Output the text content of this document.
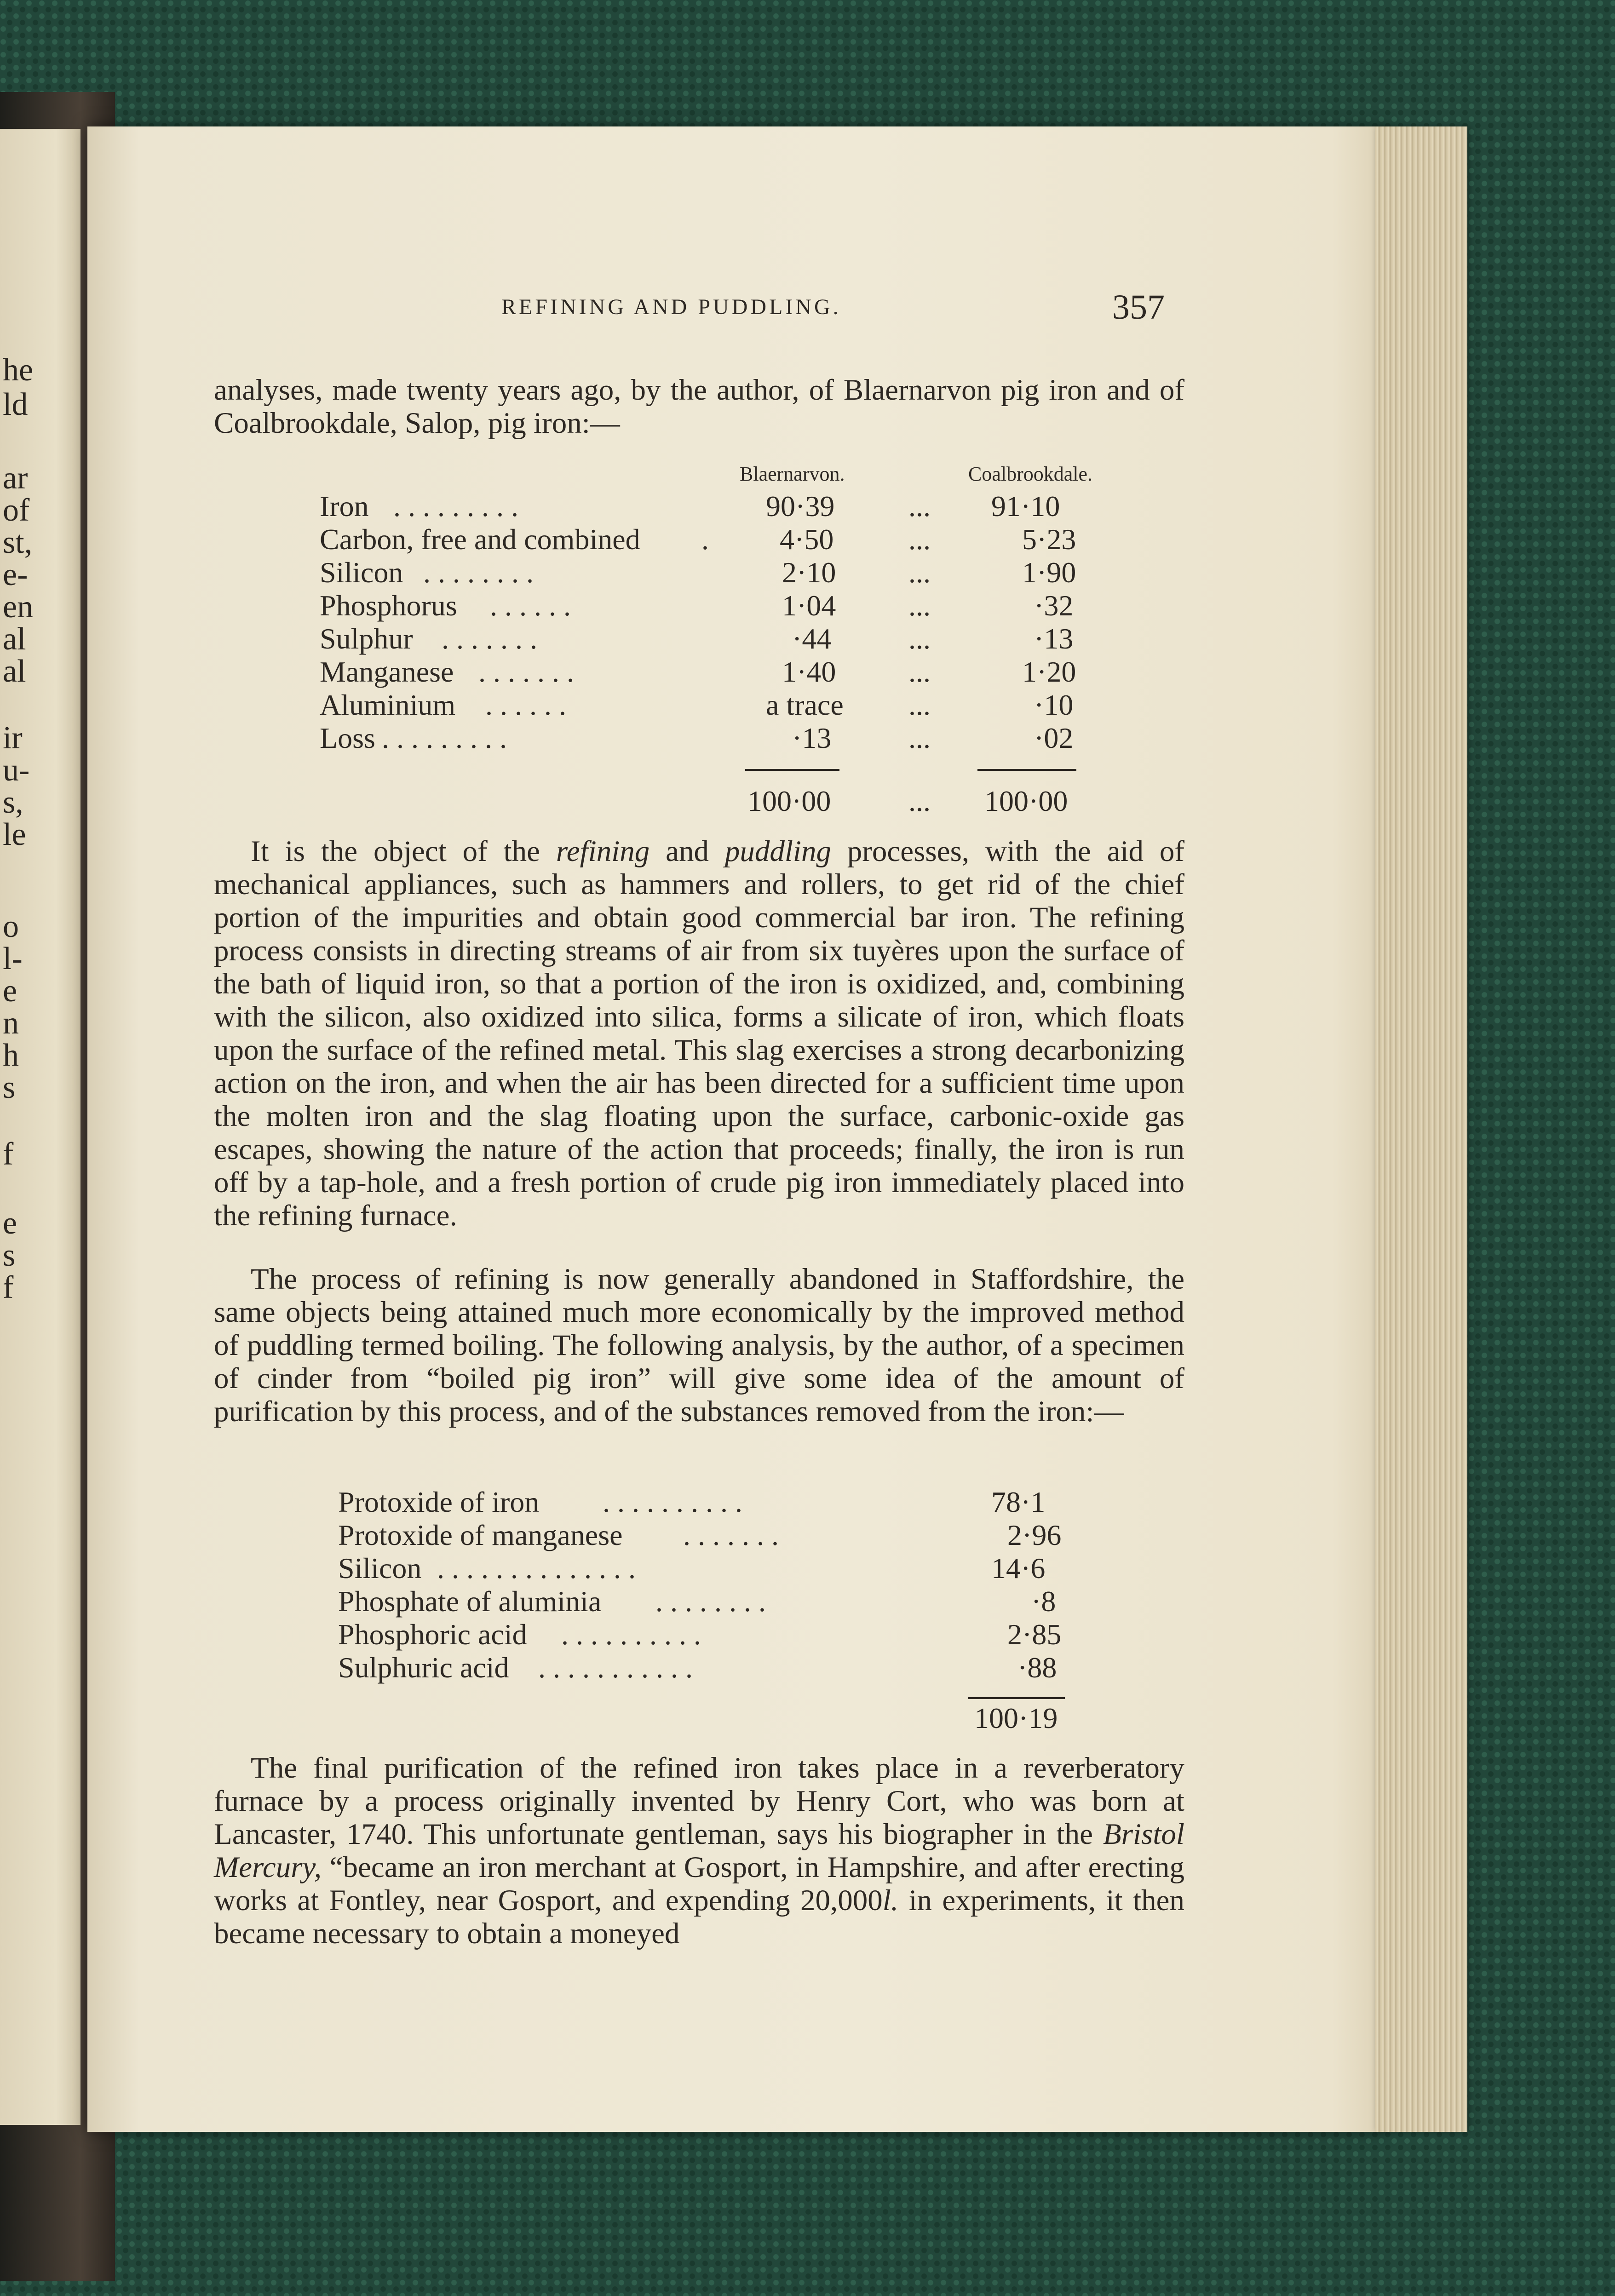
he
ld
ar
of
st,
e-
en
al
al
ir
u-
s,
le
o
l-
e
n
h
s
f
e
s
f
REFINING AND PUDDLING.	357
analyses, made twenty years ago, by the author, of Blaernarvon pig iron and of Coalbrookdale, Salop, pig iron:—
Blaernarvon.	Coalbrookdale.
Iron . . . . . . . . .	90·39	... 91·10
Carbon, free and combined . 4·50	...	5·23
Silicon . . . . . . . .	2·10 ...	1·90
Phosphorus . . . . . .	1·04 ...	·32
Sulphur . . . . . . .	·44	...	·13
Manganese . . . . . . .	1·40 ...	1·20
Aluminium . . . . . .	a trace ...	·10
Loss . . . . . . . . .	·13	...	·02
100·00	... 100·00
It is the object of the refining and puddling processes, with the aid of mechanical appliances, such as hammers and rollers, to get rid of the chief portion of the impurities and obtain good commercial bar iron. The refining process consists in directing streams of air from six tuyères upon the surface of the bath of liquid iron, so that a portion of the iron is oxidized, and, combining with the silicon, also oxidized into silica, forms a silicate of iron, which floats upon the surface of the refined metal. This slag exercises a strong decarbonizing action on the iron, and when the air has been directed for a sufficient time upon the molten iron and the slag floating upon the surface, carbonic-oxide gas escapes, showing the nature of the action that proceeds; finally, the iron is run off by a tap-hole, and a fresh portion of crude pig iron immediately placed into the refining furnace.
The process of refining is now generally abandoned in Staffordshire, the same objects being attained much more economically by the improved method of puddling termed boiling. The following analysis, by the author, of a specimen of cinder from “boiled pig iron” will give some idea of the amount of purification by this process, and of the substances removed from the iron:—
Protoxide of iron . . . . . . . . . .	78·1
Protoxide of manganese . . . . . . .	2·96
Silicon . . . . . . . . . . . . . .	14·6
Phosphate of aluminia . . . . . . . .	·8
Phosphoric acid . . . . . . . . . .	2·85
Sulphuric acid . . . . . . . . . . .	·88
100·19
The final purification of the refined iron takes place in a reverberatory furnace by a process originally invented by Henry Cort, who was born at Lancaster, 1740. This unfortunate gentleman, says his biographer in the Bristol Mercury, “became an iron merchant at Gosport, in Hampshire, and after erecting works at Fontley, near Gosport, and expending 20,000l. in experiments, it then became necessary to obtain a moneyed
